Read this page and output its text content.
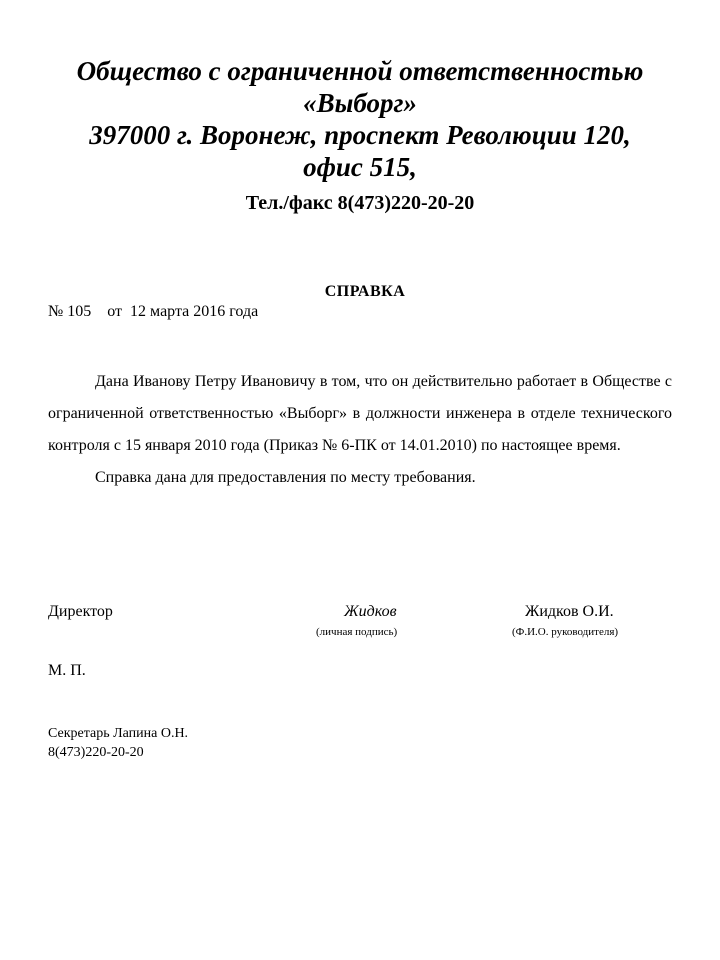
Общество с ограниченной ответственностью
«Выборг»
397000 г. Воронеж, проспект Революции 120,
офис 515,
Тел./факс 8(473)220-20-20
СПРАВКА
№ 105 от  12 марта 2016 года

Дана Иванову Петру Ивановичу в том, что он действительно работает в Обществе с ограниченной ответственностью «Выборг» в должности инженера в отделе технического контроля с 15 января 2010 года (Приказ № 6-ПК от 14.01.2010) по настоящее время.

Справка дана для предоставления по месту требования.

Директор	Жидков
(личная подпись)
Жидков О.И.
(Ф.И.О. руководителя)
М. П.
Секретарь Лапина О.Н.
8(473)220-20-20
